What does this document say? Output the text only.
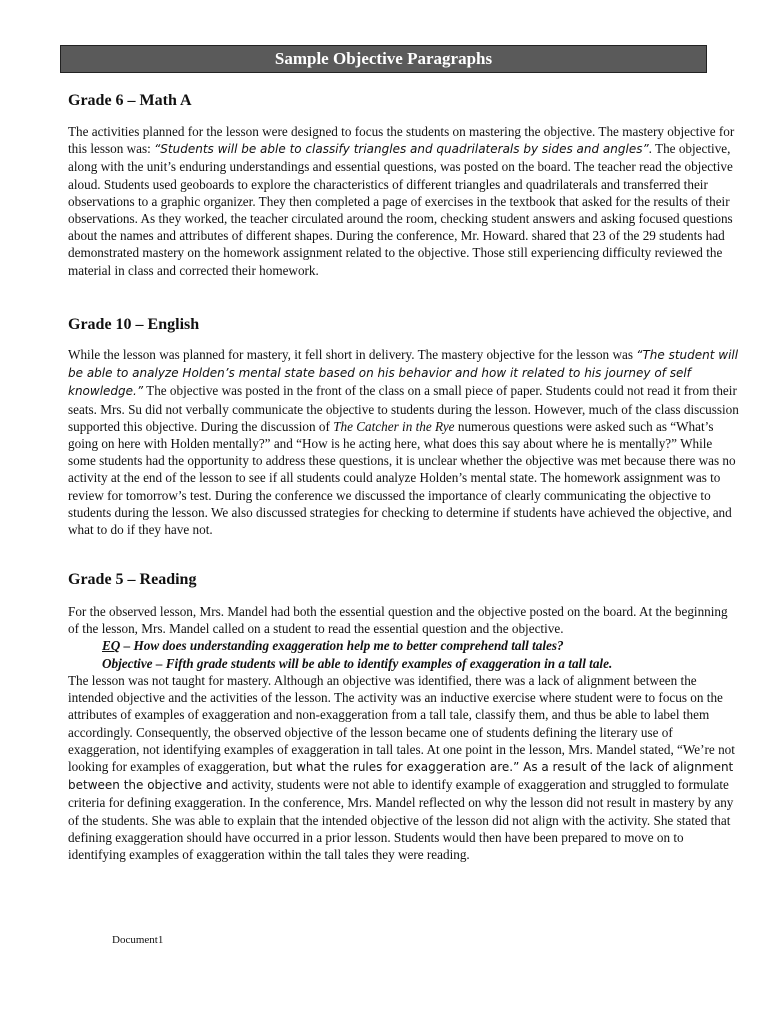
Sample Objective Paragraphs
Grade 6 – Math A
The activities planned for the lesson were designed to focus the students on mastering the objective. The mastery objective for this lesson was: “Students will be able to classify triangles and quadrilaterals by sides and angles”. The objective, along with the unit’s enduring understandings and essential questions, was posted on the board. The teacher read the objective aloud. Students used geoboards to explore the characteristics of different triangles and quadrilaterals and transferred their observations to a graphic organizer. They then completed a page of exercises in the textbook that asked for the results of their observations. As they worked, the teacher circulated around the room, checking student answers and asking focused questions about the names and attributes of different shapes. During the conference, Mr. Howard. shared that 23 of the 29 students had demonstrated mastery on the homework assignment related to the objective. Those still experiencing difficulty reviewed the material in class and corrected their homework.
Grade 10 – English
While the lesson was planned for mastery, it fell short in delivery. The mastery objective for the lesson was “The student will be able to analyze Holden’s mental state based on his behavior and how it related to his journey of self knowledge.” The objective was posted in the front of the class on a small piece of paper. Students could not read it from their seats. Mrs. Su did not verbally communicate the objective to students during the lesson. However, much of the class discussion supported this objective. During the discussion of The Catcher in the Rye numerous questions were asked such as “What’s going on here with Holden mentally?” and “How is he acting here, what does this say about where he is mentally?” While some students had the opportunity to address these questions, it is unclear whether the objective was met because there was no activity at the end of the lesson to see if all students could analyze Holden’s mental state. The homework assignment was to review for tomorrow’s test. During the conference we discussed the importance of clearly communicating the objective to students during the lesson. We also discussed strategies for checking to determine if students have achieved the objective, and what to do if they have not.
Grade 5 – Reading
For the observed lesson, Mrs. Mandel had both the essential question and the objective posted on the board. At the beginning of the lesson, Mrs. Mandel called on a student to read the essential question and the objective.
EQ – How does understanding exaggeration help me to better comprehend tall tales?
Objective – Fifth grade students will be able to identify examples of exaggeration in a tall tale.
The lesson was not taught for mastery. Although an objective was identified, there was a lack of alignment between the intended objective and the activities of the lesson. The activity was an inductive exercise where student were to focus on the attributes of examples of exaggeration and non-exaggeration from a tall tale, classify them, and thus be able to label them accordingly. Consequently, the observed objective of the lesson became one of students defining the literary use of exaggeration, not identifying examples of exaggeration in tall tales. At one point in the lesson, Mrs. Mandel stated, “We’re not looking for examples of exaggeration, but what the rules for exaggeration are.” As a result of the lack of alignment between the objective and activity, students were not able to identify example of exaggeration and struggled to formulate criteria for defining exaggeration. In the conference, Mrs. Mandel reflected on why the lesson did not result in mastery by any of the students. She was able to explain that the intended objective of the lesson did not align with the activity. She stated that defining exaggeration should have occurred in a prior lesson. Students would then have been prepared to move on to identifying examples of exaggeration within the tall tales they were reading.
Document1
